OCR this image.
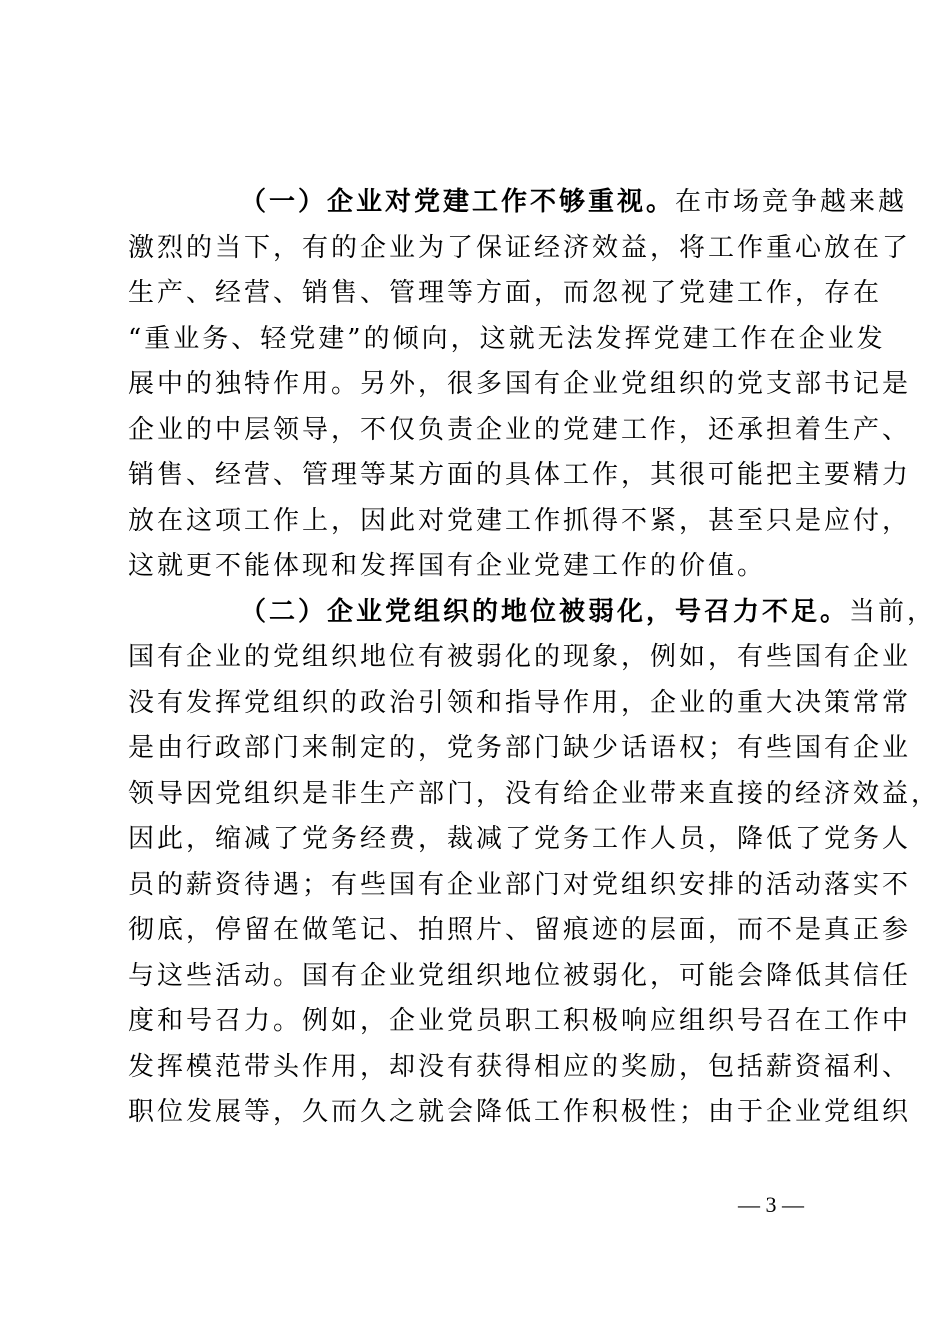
（一）企业对党建工作不够重视。在市场竞争越来越
激烈的当下，有的企业为了保证经济效益，将工作重心放在了
生产、经营、销售、管理等方面，而忽视了党建工作，存在
“重业务、轻党建”的倾向，这就无法发挥党建工作在企业发
展中的独特作用。另外，很多国有企业党组织的党支部书记是
企业的中层领导，不仅负责企业的党建工作，还承担着生产、
销售、经营、管理等某方面的具体工作，其很可能把主要精力
放在这项工作上，因此对党建工作抓得不紧，甚至只是应付，
这就更不能体现和发挥国有企业党建工作的价值。
（二）企业党组织的地位被弱化，号召力不足。当前，
国有企业的党组织地位有被弱化的现象，例如，有些国有企业
没有发挥党组织的政治引领和指导作用，企业的重大决策常常
是由行政部门来制定的，党务部门缺少话语权；有些国有企业
领导因党组织是非生产部门，没有给企业带来直接的经济效益，
因此，缩减了党务经费，裁减了党务工作人员，降低了党务人
员的薪资待遇；有些国有企业部门对党组织安排的活动落实不
彻底，停留在做笔记、拍照片、留痕迹的层面，而不是真正参
与这些活动。国有企业党组织地位被弱化，可能会降低其信任
度和号召力。例如，企业党员职工积极响应组织号召在工作中
发挥模范带头作用，却没有获得相应的奖励，包括薪资福利、
职位发展等，久而久之就会降低工作积极性；由于企业党组织
— 3 —
